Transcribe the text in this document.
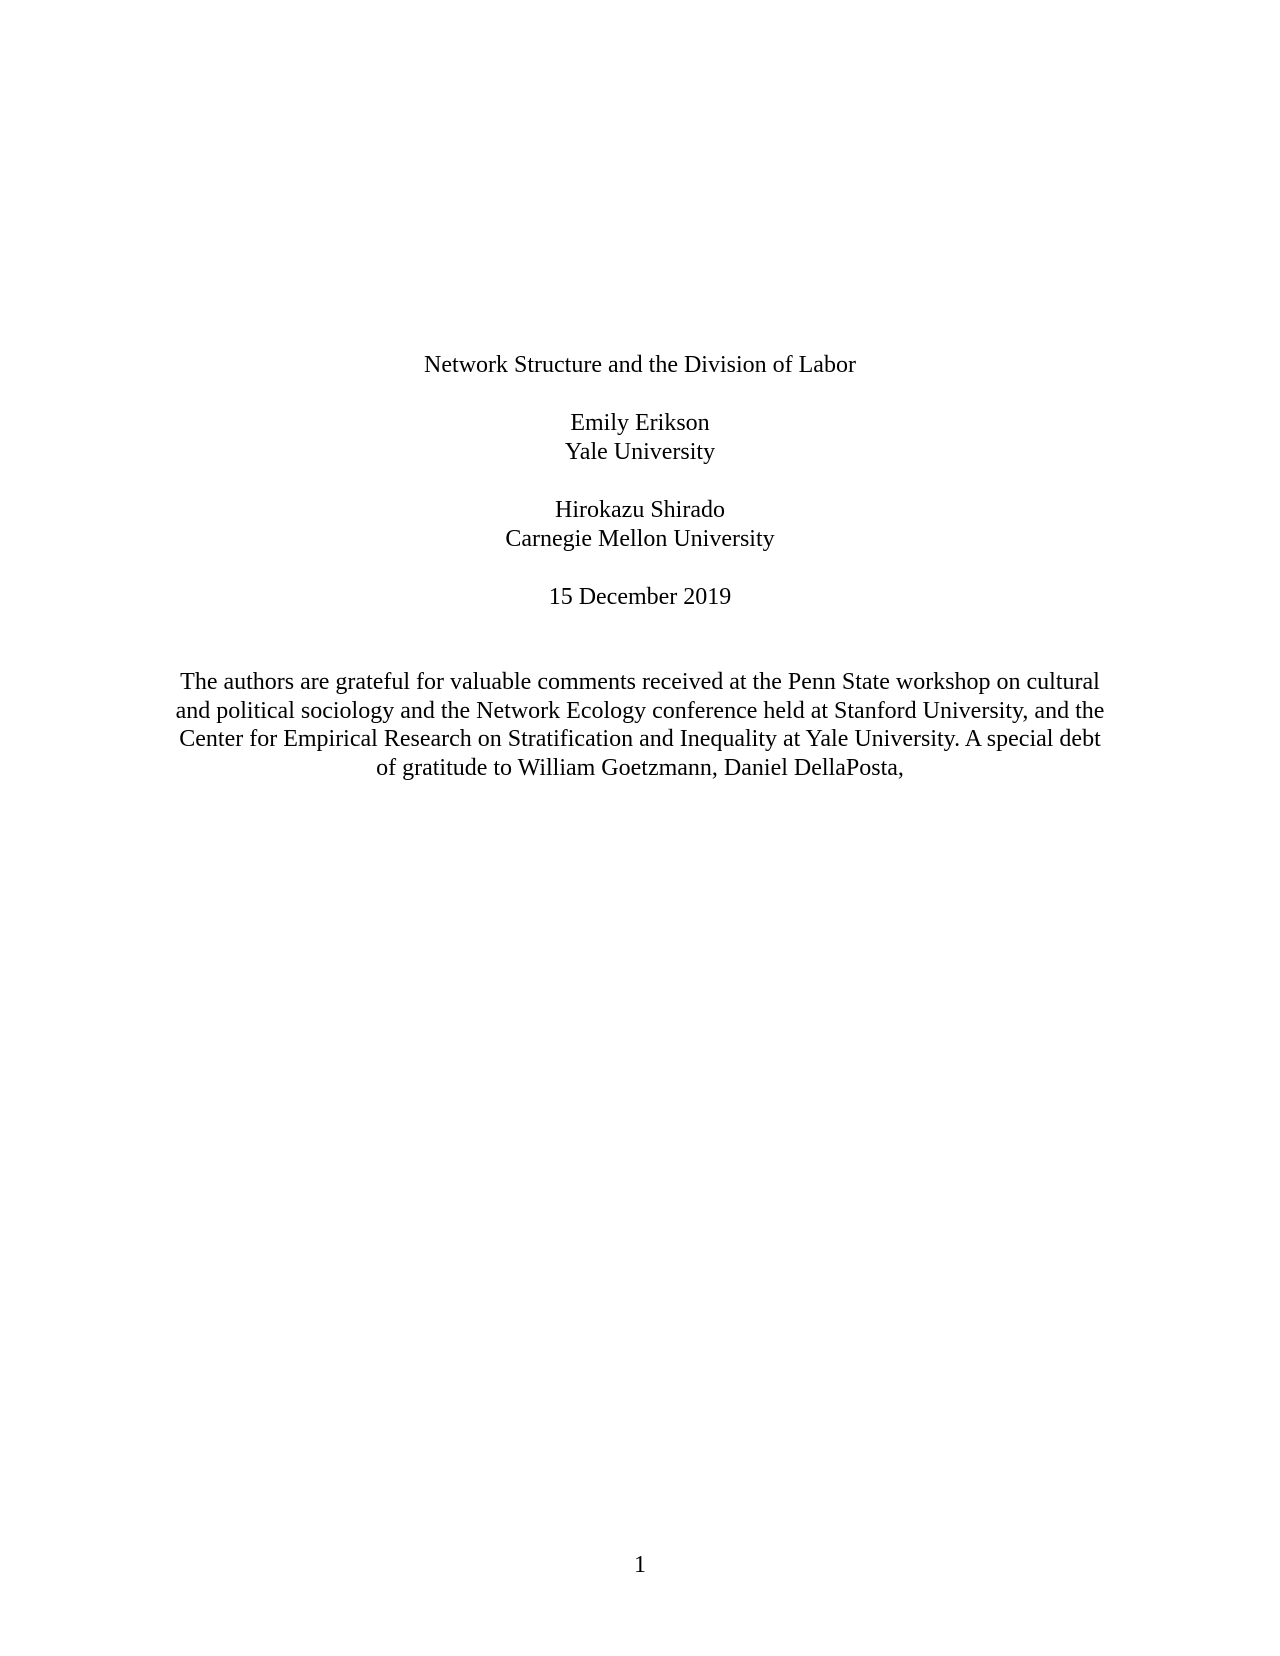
Network Structure and the Division of Labor
Emily Erikson
Yale University
Hirokazu Shirado
Carnegie Mellon University
15 December 2019
The authors are grateful for valuable comments received at the Penn State workshop on cultural
and political sociology and the Network Ecology conference held at Stanford University, and the
Center for Empirical Research on Stratification and Inequality at Yale University. A special debt
of gratitude to William Goetzmann, Daniel DellaPosta,
1
